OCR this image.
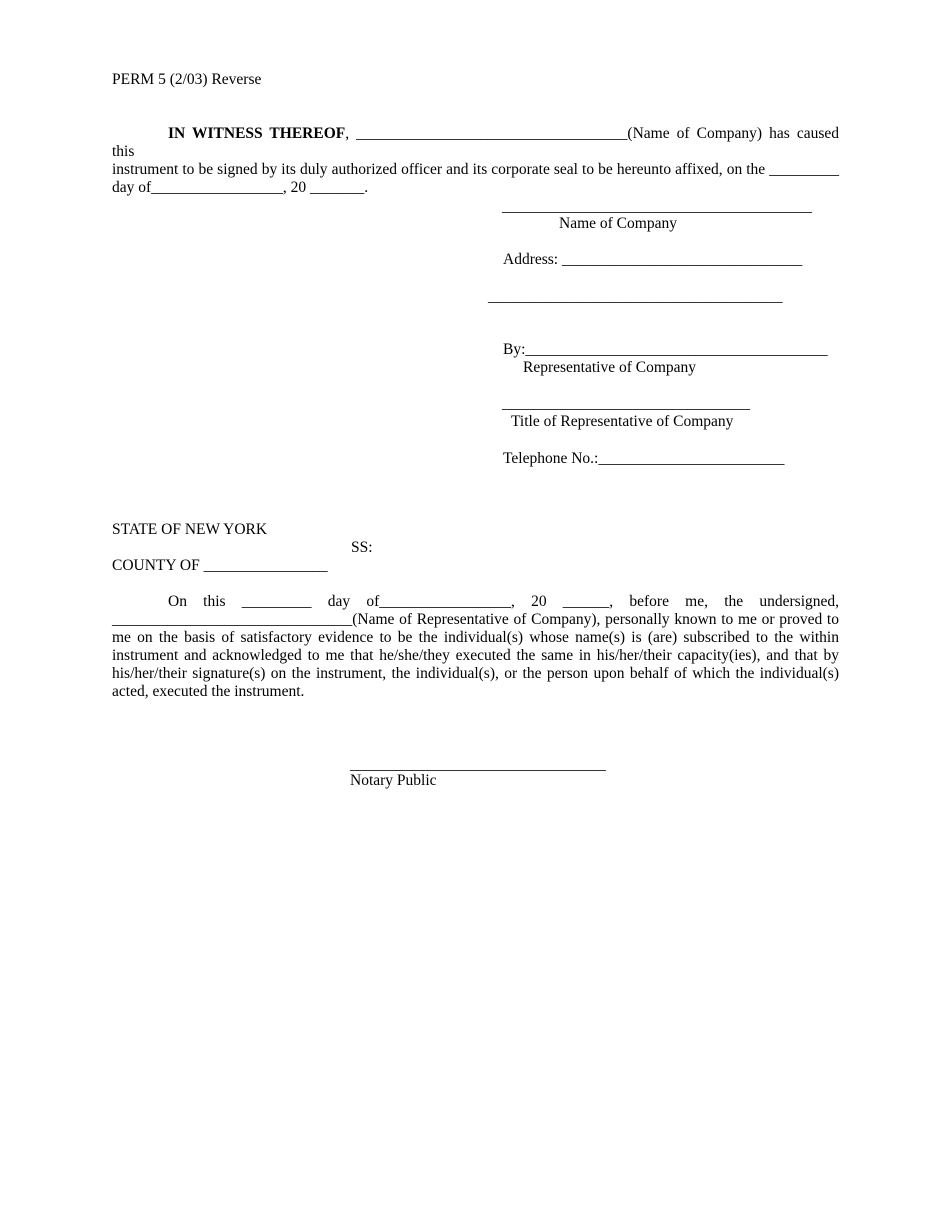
PERM 5 (2/03) Reverse
IN WITNESS THEREOF, ___________________________________(Name of Company) has caused this
instrument to be signed by its duly authorized officer and its corporate seal to be hereunto affixed, on the _________
day of_________________, 20 _______.
________________________________________
Name of Company
Address: _______________________________
______________________________________
By:_______________________________________
Representative of Company
________________________________
Title of Representative of Company
Telephone No.:________________________
STATE OF NEW YORK
SS:
COUNTY OF ________________
On this _________ day of_________________, 20 ______, before me, the undersigned,
_______________________________(Name of Representative of Company), personally known to me or proved to me on the basis of satisfactory evidence to be the individual(s) whose name(s) is (are) subscribed to the within instrument and acknowledged to me that he/she/they executed the same in his/her/their capacity(ies), and that by his/her/their signature(s) on the instrument, the individual(s), or the person upon behalf of which the individual(s) acted, executed the instrument.
_________________________________
Notary Public
